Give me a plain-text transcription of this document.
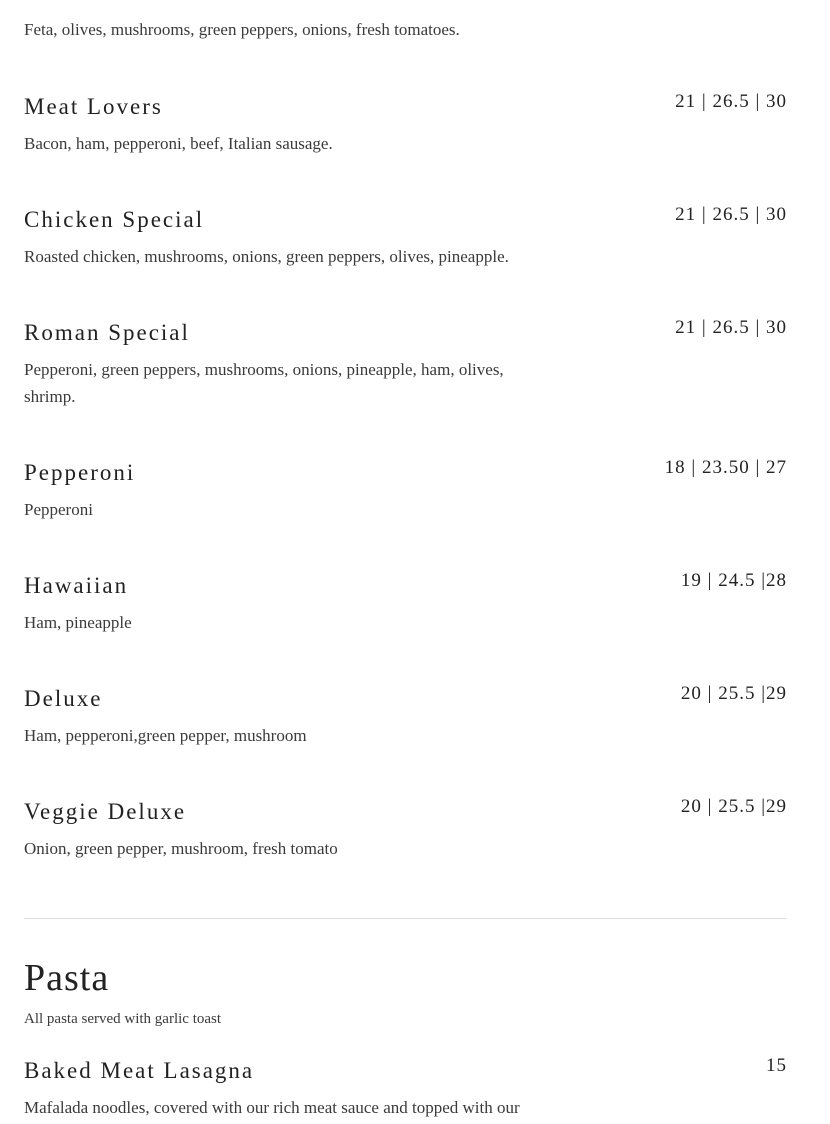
Feta, olives, mushrooms, green peppers, onions, fresh tomatoes.
Meat Lovers	21 | 26.5 | 30
Bacon, ham, pepperoni, beef, Italian sausage.
Chicken Special	21 | 26.5 | 30
Roasted chicken, mushrooms, onions, green peppers, olives, pineapple.
Roman Special	21 | 26.5 | 30
Pepperoni, green peppers, mushrooms, onions, pineapple, ham, olives, shrimp.
Pepperoni	18 | 23.50 | 27
Pepperoni
Hawaiian	19 | 24.5 |28
Ham, pineapple
Deluxe	20 | 25.5 |29
Ham, pepperoni,green pepper, mushroom
Veggie Deluxe	20 | 25.5 |29
Onion, green pepper, mushroom, fresh tomato
Pasta
All pasta served with garlic toast
Baked Meat Lasagna	15
Mafalada noodles, covered with our rich meat sauce and topped with our
